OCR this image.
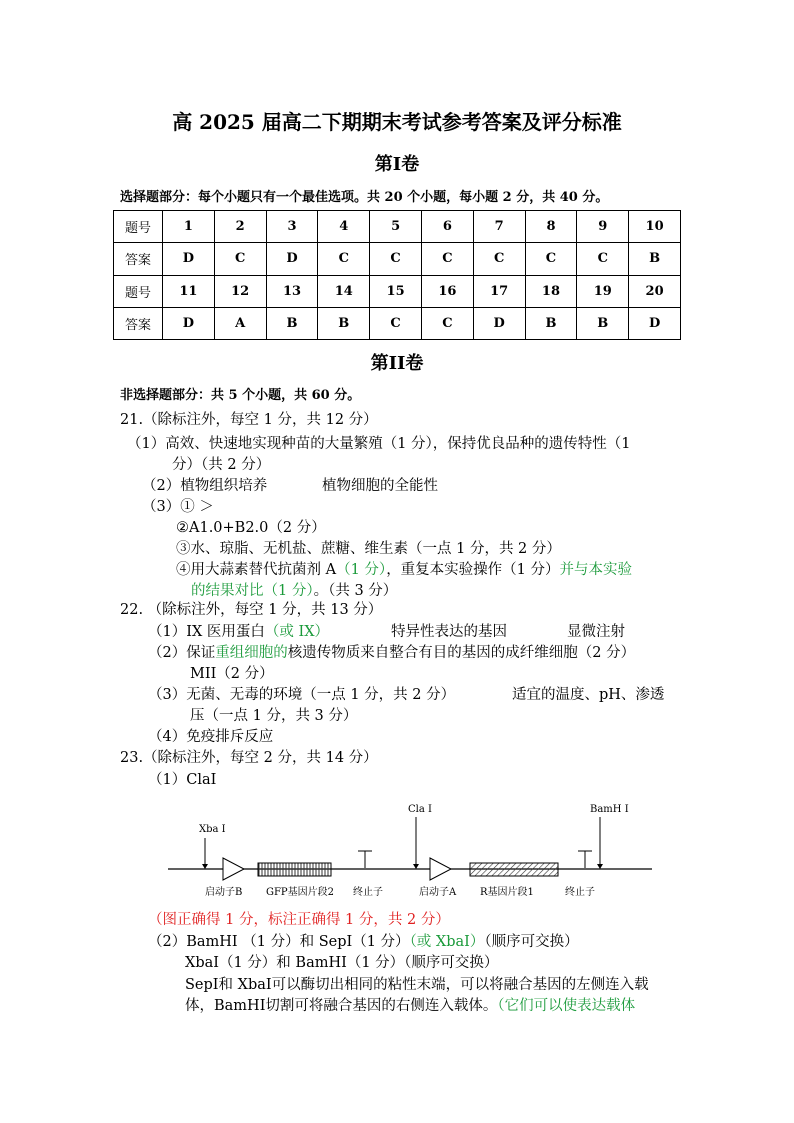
高 2025 届高二下期期末考试参考答案及评分标准
第I卷
选择题部分：每个小题只有一个最佳选项。共 20 个小题，每小题 2 分，共 40 分。
题号	1	2	3	4	5	6	7	8	9	10
答案	D	C	D	C	C	C	C	C	C	B
题号	11	12	13	14	15	16	17	18	19	20
答案	D	A	B	B	C	C	D	B	B	D
第II卷
非选择题部分：共 5 个小题，共 60 分。
21.（除标注外，每空 1 分，共 12 分）
（1）高效、快速地实现种苗的大量繁殖（1 分），保持优良品种的遗传特性（1
分）（共 2 分）
（2）植物组织培养	植物细胞的全能性
（3）① ＞
②A1.0+B2.0（2 分）
③水、琼脂、无机盐、蔗糖、维生素（一点 1 分，共 2 分）
④用大蒜素替代抗菌剂 A（1 分），重复本实验操作（1 分）并与本实验
的结果对比（1 分）。（共 3 分）
22. （除标注外，每空 1 分，共 13 分）
（1）IX 医用蛋白（或 IX）	特异性表达的基因	显微注射
（2）保证重组细胞的核遗传物质来自整合有目的基因的成纤维细胞（2 分）
MII（2 分）
（3）无菌、无毒的环境（一点 1 分，共 2 分）	适宜的温度、pH、渗透
压（一点 1 分，共 3 分）
（4）免疫排斥反应
23.（除标注外，每空 2 分，共 14 分）
（1）ClaI
Xba I
Cla I	BamH I
启动子B GFP基因片段2 终止子	启动子A R基因片段1	终止子
（图正确得 1 分，标注正确得 1 分，共 2 分）
（2）BamHI （1 分）和 SepI（1 分）（或 XbaI）（顺序可交换）
XbaI（1 分）和 BamHI（1 分）（顺序可交换）
SepI和 XbaI可以酶切出相同的粘性末端，可以将融合基因的左侧连入载
体，BamHI切割可将融合基因的右侧连入载体。（它们可以使表达载体
